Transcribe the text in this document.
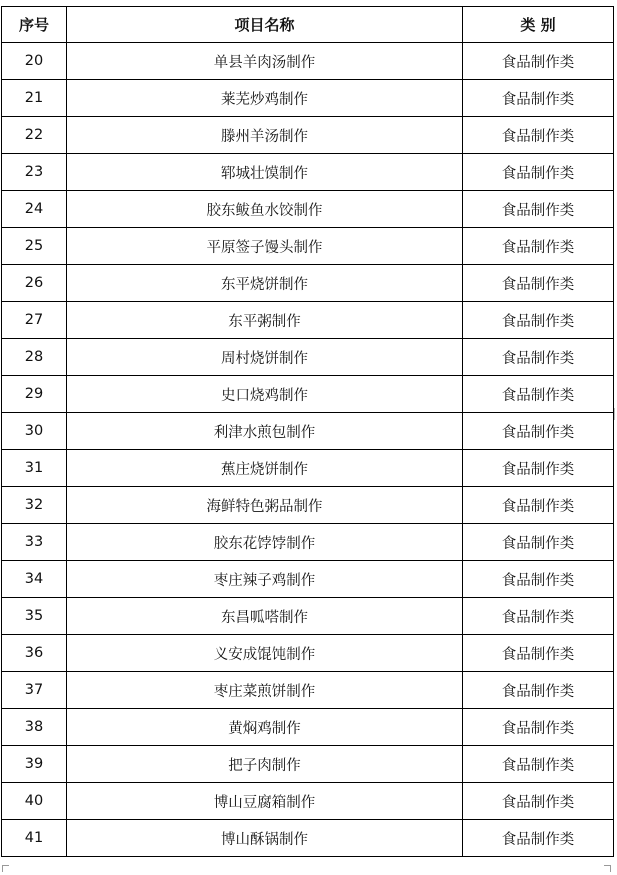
序号	项目名称	类 别
20	单县羊肉汤制作	食品制作类
21	莱芜炒鸡制作	食品制作类
22	滕州羊汤制作	食品制作类
23	郓城壮馍制作	食品制作类
24	胶东鲅鱼水饺制作	食品制作类
25	平原签子馒头制作	食品制作类
26	东平烧饼制作	食品制作类
27	东平粥制作	食品制作类
28	周村烧饼制作	食品制作类
29	史口烧鸡制作	食品制作类
30	利津水煎包制作	食品制作类
31	蕉庄烧饼制作	食品制作类
32	海鲜特色粥品制作	食品制作类
33	胶东花饽饽制作	食品制作类
34	枣庄辣子鸡制作	食品制作类
35	东昌呱嗒制作	食品制作类
36	义安成馄饨制作	食品制作类
37	枣庄菜煎饼制作	食品制作类
38	黄焖鸡制作	食品制作类
39	把子肉制作	食品制作类
40	博山豆腐箱制作	食品制作类
41	博山酥锅制作	食品制作类
